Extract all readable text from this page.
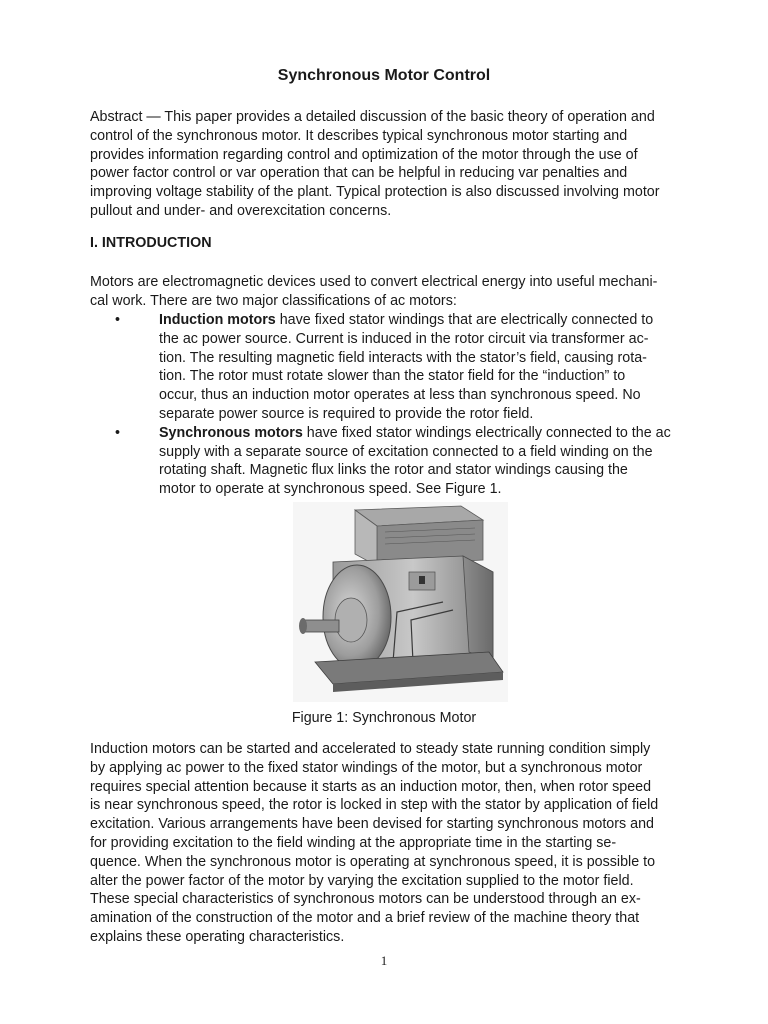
Synchronous Motor Control
Abstract — This paper provides a detailed discussion of the basic theory of operation and
control of the synchronous motor. It describes typical synchronous motor starting and
provides information regarding control and optimization of the motor through the use of
power factor control or var operation that can be helpful in reducing var penalties and
improving voltage stability of the plant. Typical protection is also discussed involving motor
pullout and under- and overexcitation concerns.
I. INTRODUCTION
Motors are electromagnetic devices used to convert electrical energy into useful mechani-
cal work. There are two major classifications of ac motors:
•	Induction motors have fixed stator windings that are electrically connected to
the ac power source. Current is induced in the rotor circuit via transformer ac-
tion. The resulting magnetic field interacts with the stator’s field, causing rota-
tion. The rotor must rotate slower than the stator field for the “induction” to
occur, thus an induction motor operates at less than synchronous speed. No
separate power source is required to provide the rotor field.
•	Synchronous motors have fixed stator windings electrically connected to the ac
supply with a separate source of excitation connected to a field winding on the
rotating shaft. Magnetic flux links the rotor and stator windings causing the
motor to operate at synchronous speed. See Figure 1.
Figure 1: Synchronous Motor
Induction motors can be started and accelerated to steady state running condition simply
by applying ac power to the fixed stator windings of the motor, but a synchronous motor
requires special attention because it starts as an induction motor, then, when rotor speed
is near synchronous speed, the rotor is locked in step with the stator by application of field
excitation. Various arrangements have been devised for starting synchronous motors and
for providing excitation to the field winding at the appropriate time in the starting se-
quence. When the synchronous motor is operating at synchronous speed, it is possible to
alter the power factor of the motor by varying the excitation supplied to the motor field.
These special characteristics of synchronous motors can be understood through an ex-
amination of the construction of the motor and a brief review of the machine theory that
explains these operating characteristics.
1
